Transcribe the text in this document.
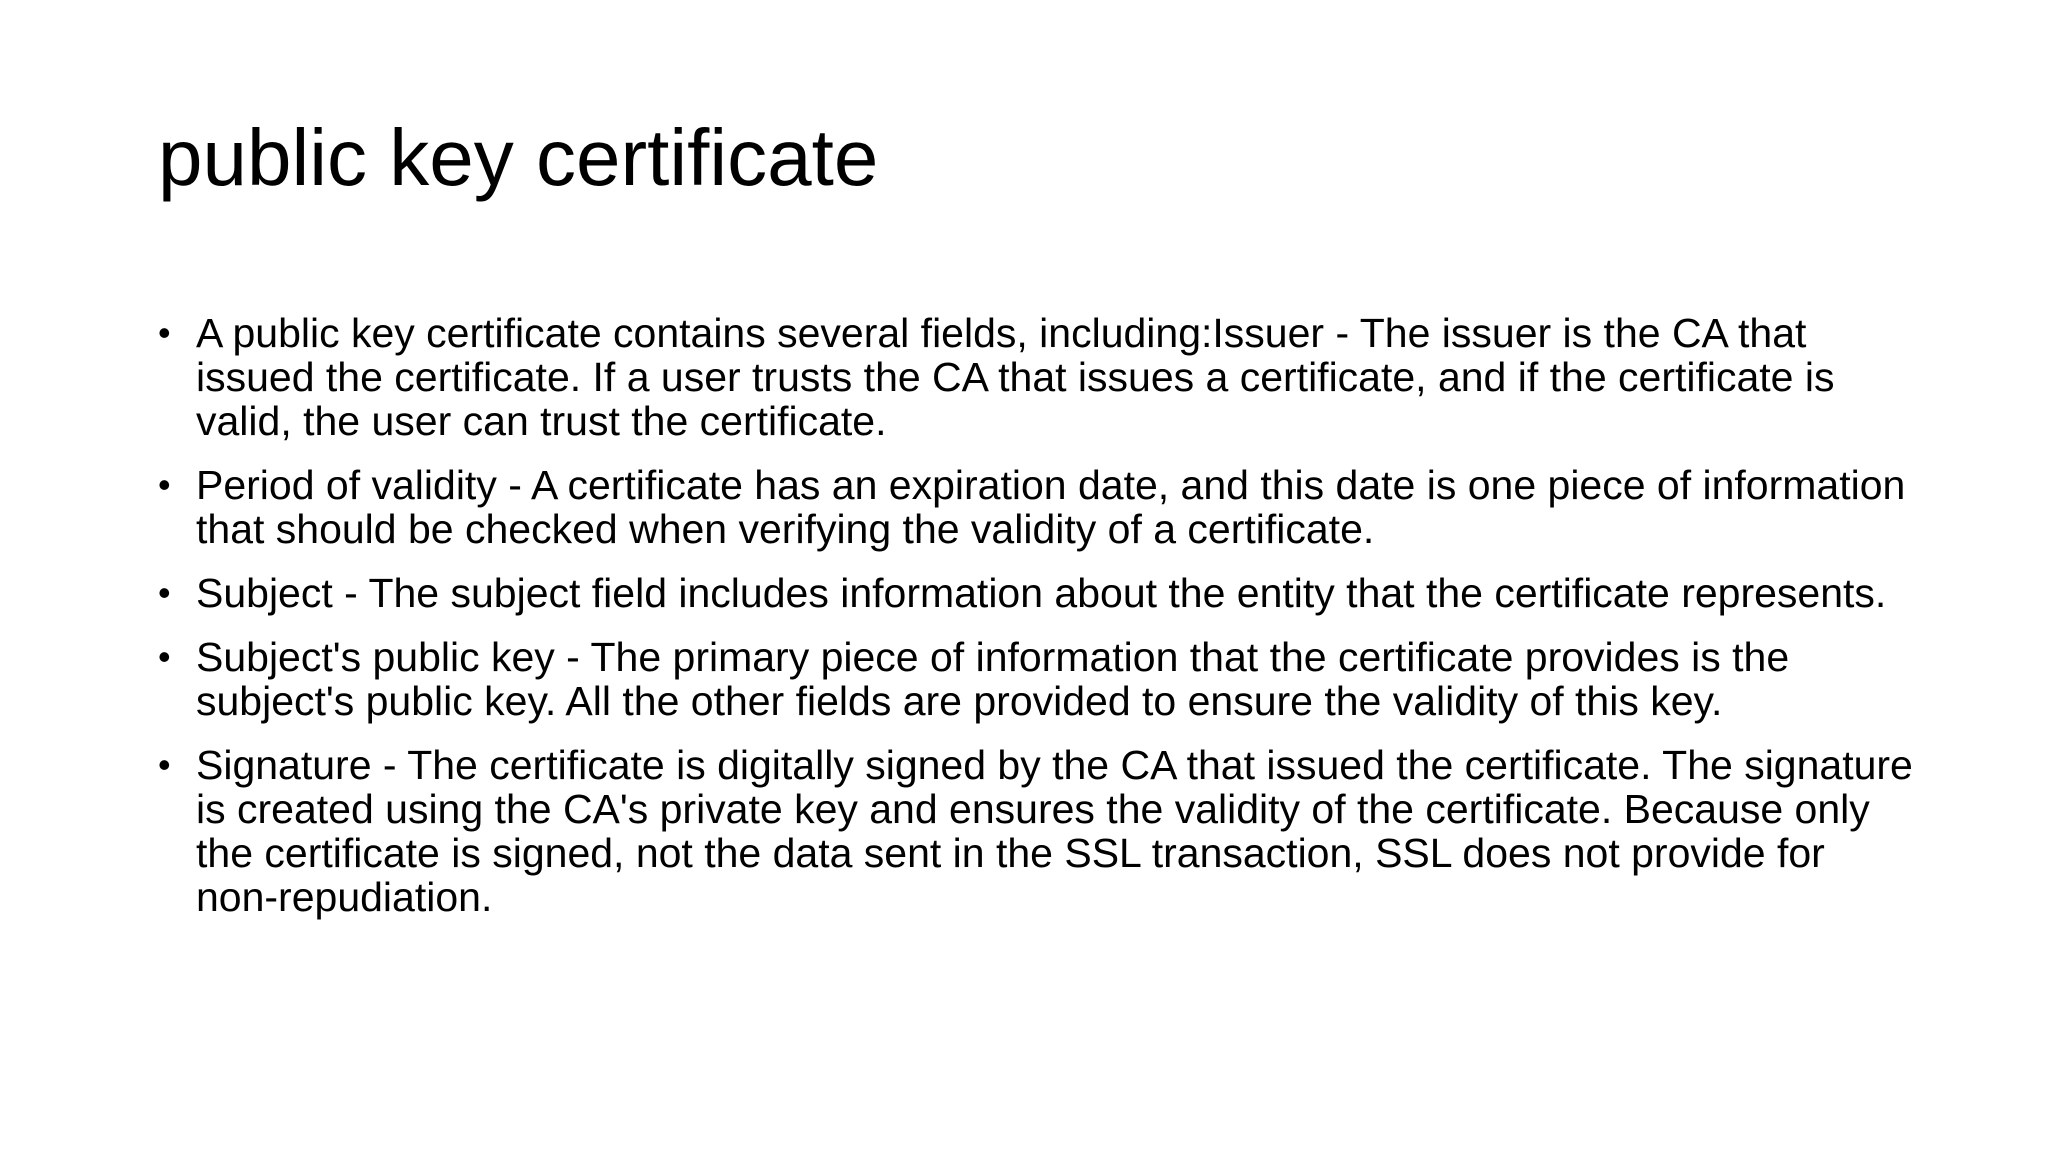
public key certificate
• A public key certificate contains several fields, including:Issuer - The issuer is the CA that issued the certificate. If a user trusts the CA that issues a certificate, and if the certificate is valid, the user can trust the certificate.
• Period of validity - A certificate has an expiration date, and this date is one piece of information that should be checked when verifying the validity of a certificate.
• Subject - The subject field includes information about the entity that the certificate represents.
• Subject's public key - The primary piece of information that the certificate provides is the subject's public key. All the other fields are provided to ensure the validity of this key.
• Signature - The certificate is digitally signed by the CA that issued the certificate. The signature is created using the CA's private key and ensures the validity of the certificate. Because only the certificate is signed, not the data sent in the SSL transaction, SSL does not provide for non-repudiation.
